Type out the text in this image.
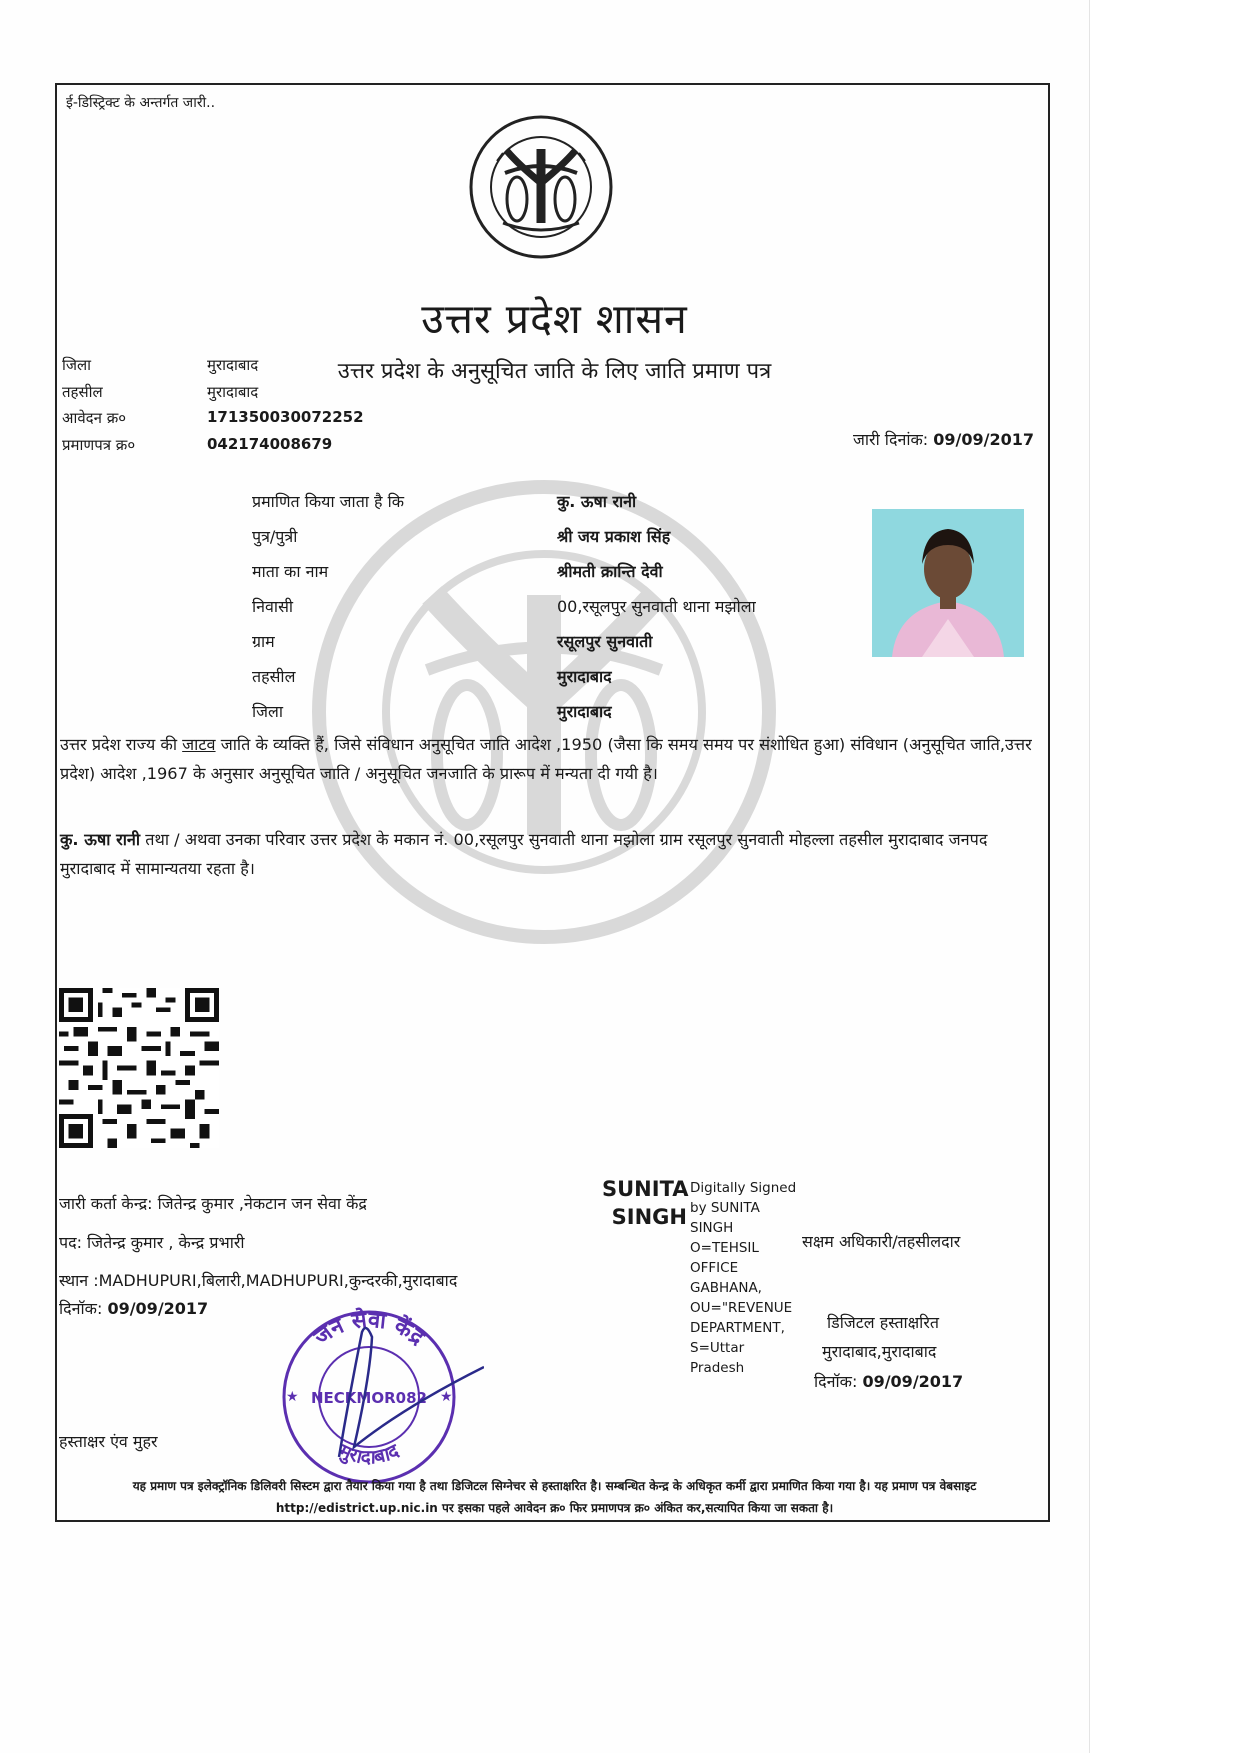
ई-डिस्ट्रिक्ट के अन्तर्गत जारी..
उत्तर प्रदेश शासन
उत्तर प्रदेश के अनुसूचित जाति के लिए जाति प्रमाण पत्र
जिला	मुरादाबाद
तहसील	मुरादाबाद
आवेदन क्र०	171350030072252
प्रमाणपत्र क्र०	042174008679	जारी दिनांक: 09/09/2017
प्रमाणित किया जाता है कि	कु. ऊषा रानी
पुत्र/पुत्री	श्री जय प्रकाश सिंह
माता का नाम	श्रीमती क्रान्ति देवी
निवासी	00,रसूलपुर सुनवाती थाना मझोला
ग्राम	रसूलपुर सुनवाती
तहसील	मुरादाबाद
जिला	मुरादाबाद
उत्तर प्रदेश राज्य की जाटव जाति के व्यक्ति हैं, जिसे संविधान अनुसूचित जाति आदेश ,1950 (जैसा कि समय समय पर संशोधित हुआ) संविधान (अनुसूचित जाति,उत्तर प्रदेश) आदेश ,1967 के अनुसार अनुसूचित जाति / अनुसूचित जनजाति के प्रारूप में मन्यता दी गयी है।
कु. ऊषा रानी तथा / अथवा उनका परिवार उत्तर प्रदेश के मकान नं. 00,रसूलपुर सुनवाती थाना मझोला ग्राम रसूलपुर सुनवाती मोहल्ला तहसील मुरादाबाद जनपद मुरादाबाद में सामान्यतया रहता है।
जारी कर्ता केन्द्र: जितेन्द्र कुमार ,नेकटान जन सेवा केंद्र
पद: जितेन्द्र कुमार , केन्द्र प्रभारी
स्थान :MADHUPURI,बिलारी,MADHUPURI,कुन्दरकी,मुरादाबाद
दिनॉक: 09/09/2017
जन सेवा केंद्र
NECKMOR082
मुरादाबाद
★	★
हस्ताक्षर एंव मुहर
SUNITA SINGH
Digitally Signed by SUNITA SINGH O=TEHSIL OFFICE GABHANA, OU="REVENUE DEPARTMENT, S=Uttar Pradesh
सक्षम अधिकारी/तहसीलदार
डिजिटल हस्ताक्षरित
मुरादाबाद,मुरादाबाद
दिनॉक: 09/09/2017
यह प्रमाण पत्र इलेक्ट्रॉनिक डिलिवरी सिस्टम द्वारा तैयार किया गया है तथा डिजिटल सिग्नेचर से हस्ताक्षरित है। सम्बन्धित केन्द्र के अधिकृत कर्मी द्वारा प्रमाणित किया गया है। यह प्रमाण पत्र वेबसाइट http://edistrict.up.nic.in पर इसका पहले आवेदन क्र० फिर प्रमाणपत्र क्र० अंकित कर,सत्यापित किया जा सकता है।
